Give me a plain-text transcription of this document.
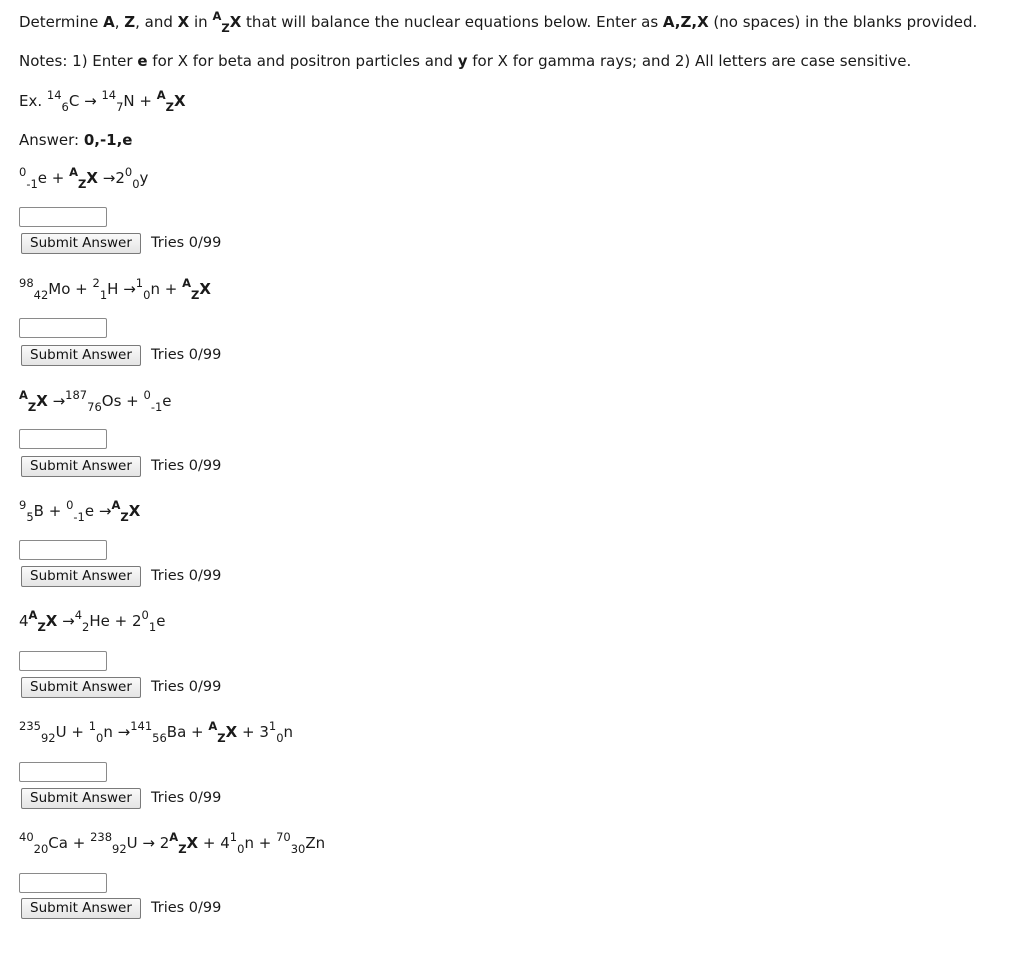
Determine A, Z, and X in $^A_Z$X that will balance the nuclear equations below. Enter as A,Z,X (no spaces) in the blanks provided.
Notes: 1) Enter e for X for beta and positron particles and y for X for gamma rays; and 2) All letters are case sensitive.
Ex. $^{14}_6$C → $^{14}_7$N + $^A_Z$X
Answer: 0,-1,e
$^0_{-1}e + ^A_ZX \to 2^0_0y$
Submit Answer	Tries 0/99
$^{98}_{42}$Mo + $^2_1$H →$^1_0$n + $^A_Z$X
Submit Answer	Tries 0/99
$^A_Z$X →$^{187}_{76}$Os + $^0_{-1}$e
Submit Answer	Tries 0/99
$^9_5$B + $^0_{-1}$e →$^A_Z$X
Submit Answer	Tries 0/99
$4^A_ZX \to^4_2He + 2^0_1e$
Submit Answer	Tries 0/99
$^{235}_{92}U + ^1_0n \to^{141}_{56}Ba + ^A_ZX + 3^1_0n$
Submit Answer	Tries 0/99
$^{40}_{20}Ca + ^{238}_{92}U \to 2^A_ZX + 4^1_0n + ^{70}_{30}Zn$
Submit Answer	Tries 0/99
